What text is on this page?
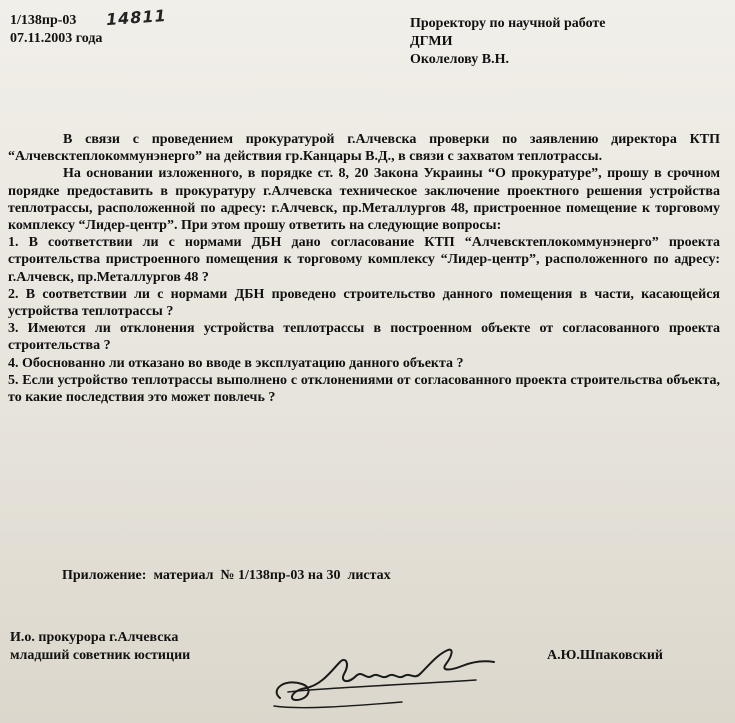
1/138пр-03
07.11.2003 года
14811	Проректору по научной работе
ДГМИ
Околелову В.Н.

В связи с проведением прокуратурой г.Алчевска проверки по заявлению директора КТП “Алчевсктеплокоммунэнерго” на действия гр.Канцары В.Д., в связи с захватом теплотрассы.

На основании изложенного, в порядке ст. 8, 20 Закона Украины “О прокуратуре”, прошу в срочном порядке предоставить в прокуратуру г.Алчевска техническое заключение проектного решения устройства теплотрассы, расположенной по адресу: г.Алчевск, пр.Металлургов 48, пристроенное помещение к торговому комплексу “Лидер-центр”. При этом прошу ответить на следующие вопросы:

1. В соответствии ли с нормами ДБН дано согласование КТП “Алчевсктеплокоммунэнерго” проекта строительства пристроенного помещения к торговому комплексу “Лидер-центр”, расположенного по адресу: г.Алчевск, пр.Металлургов 48 ?

2. В соответствии ли с нормами ДБН проведено строительство данного помещения в части, касающейся устройства теплотрассы ?

3. Имеются ли отклонения устройства теплотрассы в построенном объекте от согласованного проекта строительства ?

4. Обоснованно ли отказано во вводе в эксплуатацию данного объекта ?

5. Если устройство теплотрассы выполнено с отклонениями от согласованного проекта строительства объекта, то какие последствия это может повлечь ?

Приложение:  материал  № 1/138пр-03 на 30  листах
И.о. прокурора г.Алчевска
младший советник юстиции	А.Ю.Шпаковский
